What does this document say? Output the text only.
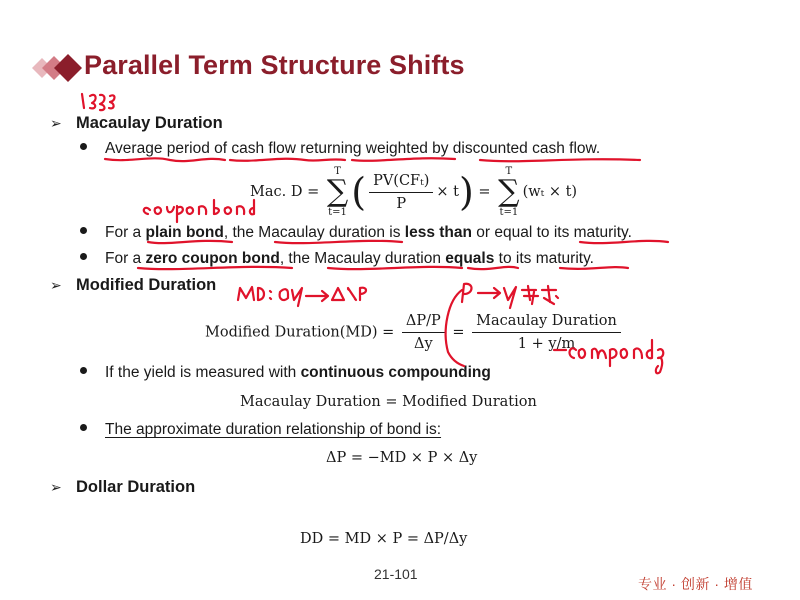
Parallel Term Structure Shifts
➢ Macaulay Duration
Average period of cash flow returning weighted by discounted cash flow.
Mac. D =
T
∑
t=1 ( $\frac{\text{PV(CFₜ)}}{P} \times t$) =
T
∑
t=1
(wₜ × t)
For a plain bond, the Macaulay duration is less than or equal to its maturity.
For a zero coupon bond, the Macaulay duration equals to its maturity.
➢ Modified Duration
Modified Duration(MD) = $\frac{\Delta P/P}{\Delta y} = \frac{\text{Macaulay Duration}}{1 + y/m}$
If the yield is measured with continuous compounding
Macaulay Duration = Modified Duration
The approximate duration relationship of bond is:
ΔP = −MD × P × Δy
➢ Dollar Duration
DD = MD × P = ΔP/Δy
21-101
专业 · 创新 · 增值
